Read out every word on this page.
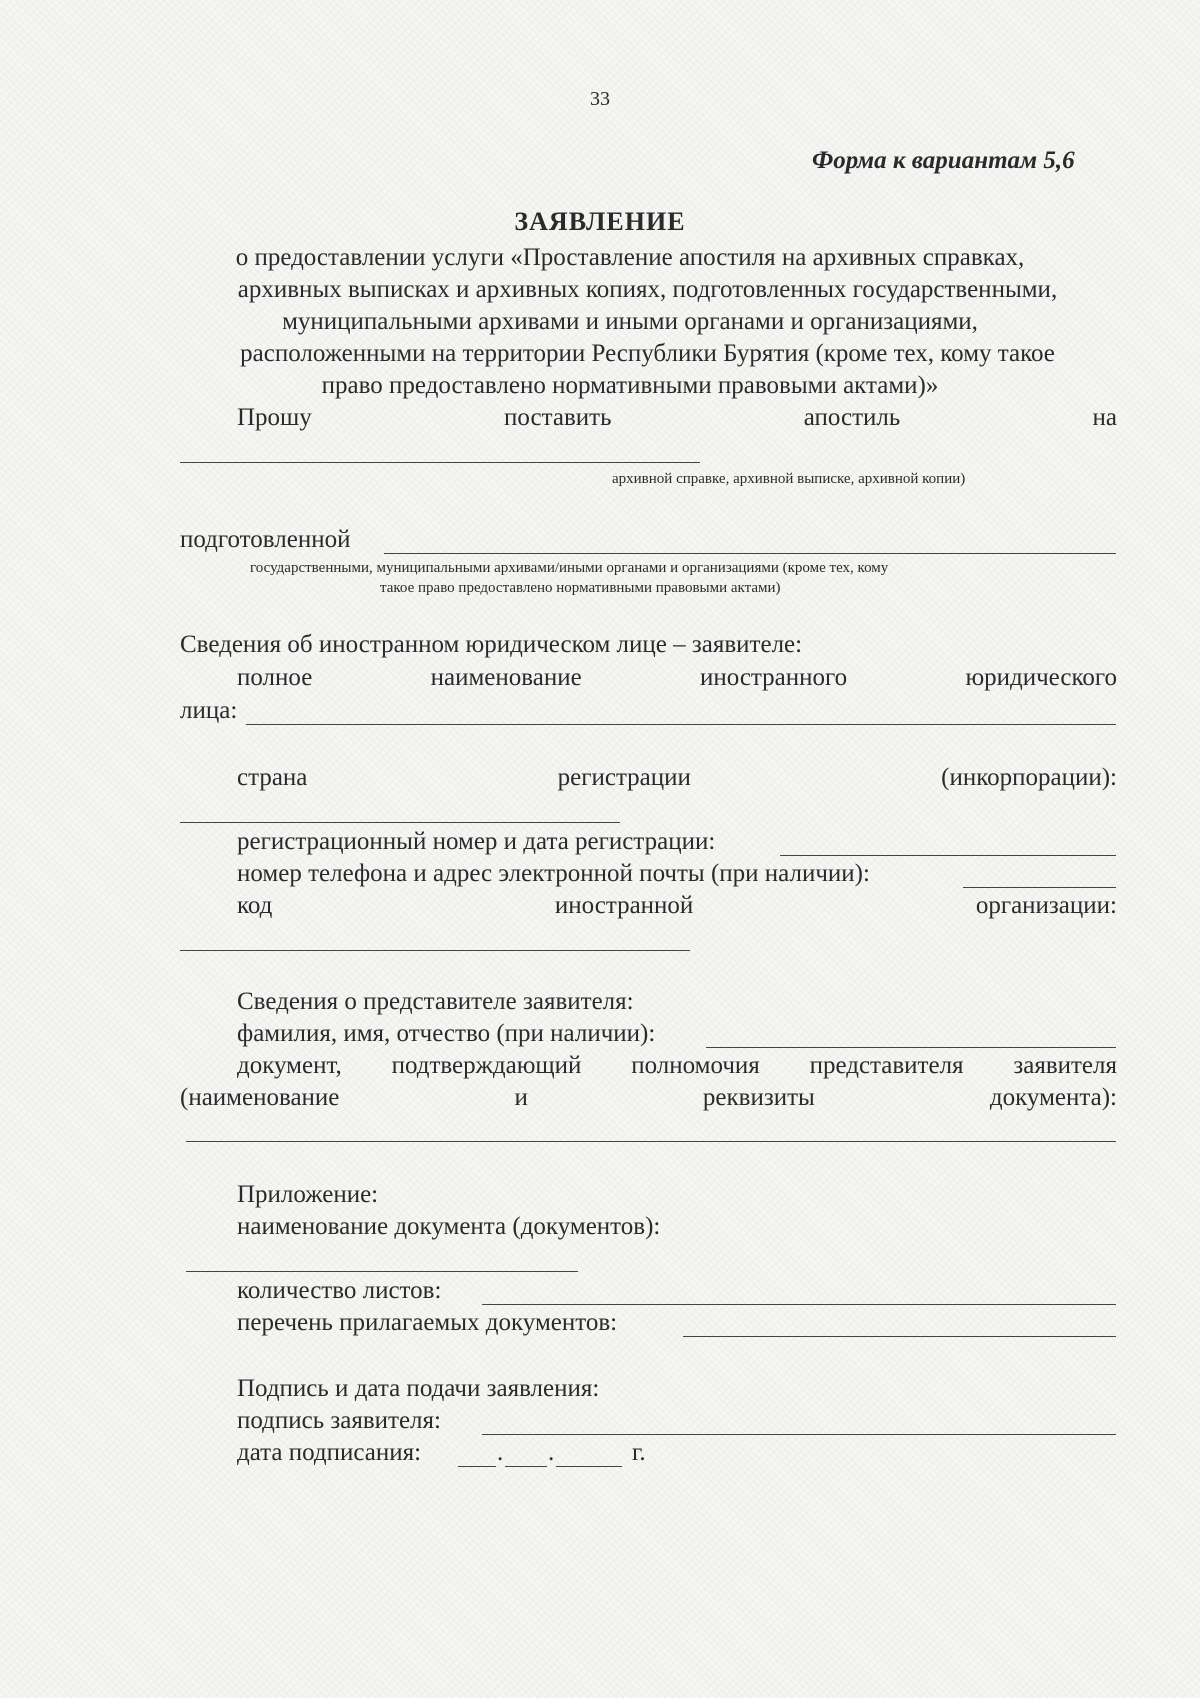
33
Форма к вариантам 5,6
ЗАЯВЛЕНИЕ
о предоставлении услуги «Проставление апостиля на архивных справках,
архивных выписках и архивных копиях, подготовленных государственными,
муниципальными архивами и иными органами и организациями,
расположенными на территории Республики Бурятия (кроме тех, кому такое
право предоставлено нормативными правовыми актами)»
Прошу	поставить	апостиль	на
архивной справке, архивной выписке, архивной копии)
подготовленной
государственными, муниципальными архивами/иными органами и организациями (кроме тех, кому
такое право предоставлено нормативными правовыми актами)
Сведения об иностранном юридическом лице – заявителе:
полное	наименование	иностранного	юридического
лица:
страна	регистрации	(инкорпорации):
регистрационный номер и дата регистрации:
номер телефона и адрес электронной почты (при наличии):
код	иностранной	организации:
Сведения о представителе заявителя:
фамилия, имя, отчество (при наличии):
документ, подтверждающий полномочия представителя заявителя
(наименование	и	реквизиты	документа):
Приложение:
наименование документа (документов):
количество листов:
перечень прилагаемых документов:
Подпись и дата подачи заявления:
подпись заявителя:
дата подписания:	. .	г.
